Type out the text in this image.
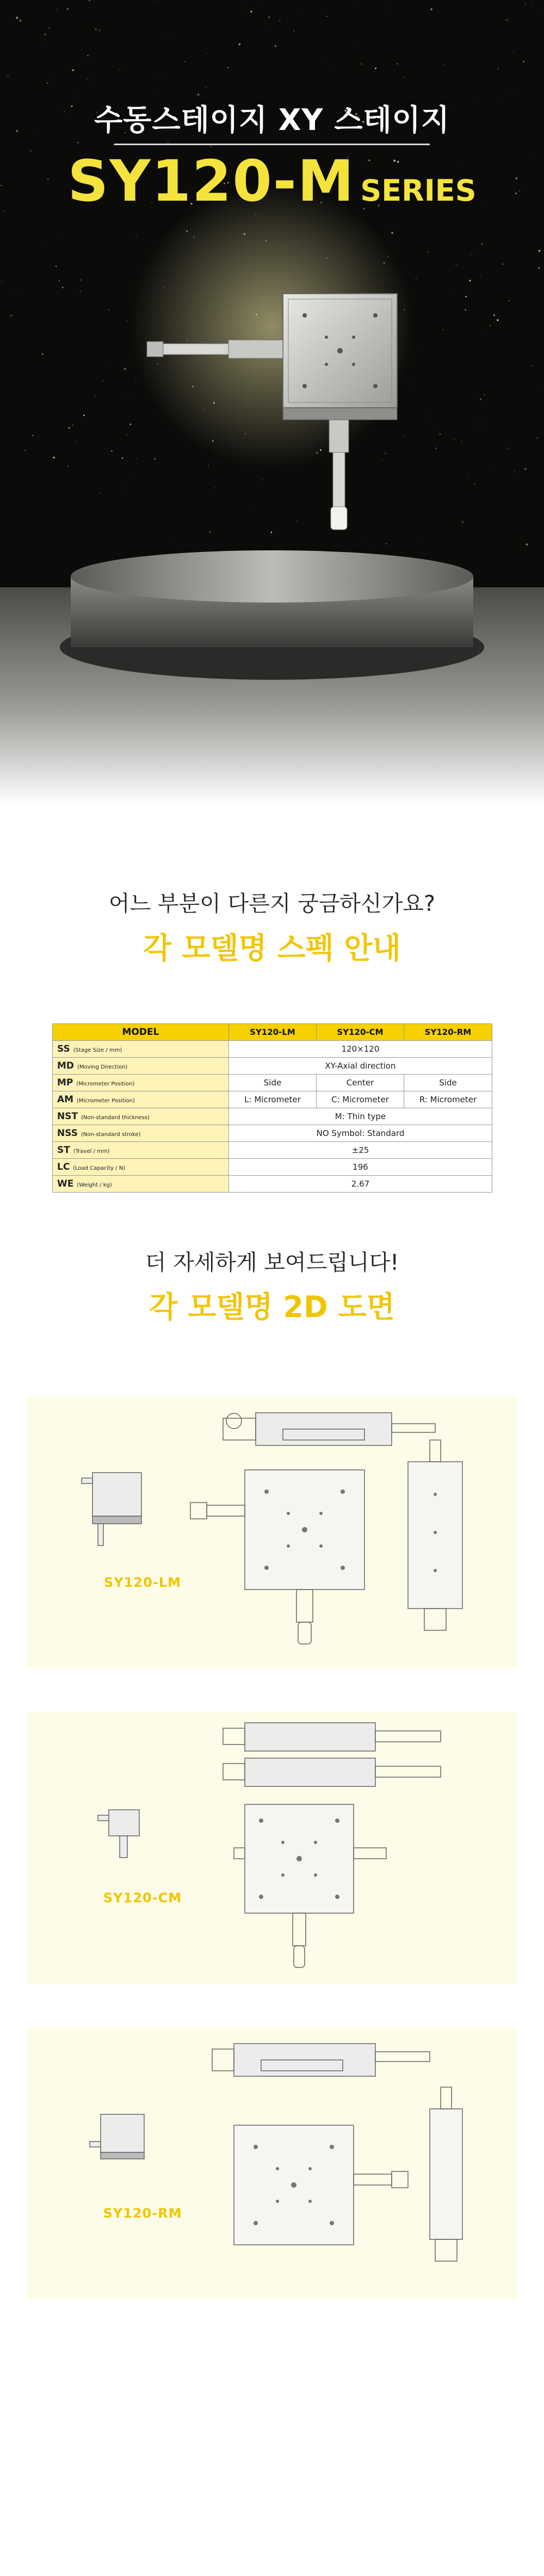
수동스테이지 XY 스테이지
SY120-M SERIES
어느 부분이 다른지 궁금하신가요?
각 모델명 스펙 안내
MODEL	SY120-LM	SY120-CM	SY120-RM
SS (Stage Size / mm)	120×120		
MD (Moving Direction)	XY-Axial direction		
MP (Micrometer Position)	Side	Center	Side
AM (Micrometer Position)	L: Micrometer	C: Micrometer	R: Micrometer
NST (Non-standard thickness)	M: Thin type		
NSS (Non-standard stroke)	NO Symbol: Standard		
ST (Travel / mm)	±25		
LC (Load Capacity / N)	196		
WE (Weight / kg)	2.67		
더 자세하게 보여드립니다!
각 모델명 2D 도면
SY120-LM
SY120-CM
SY120-RM
